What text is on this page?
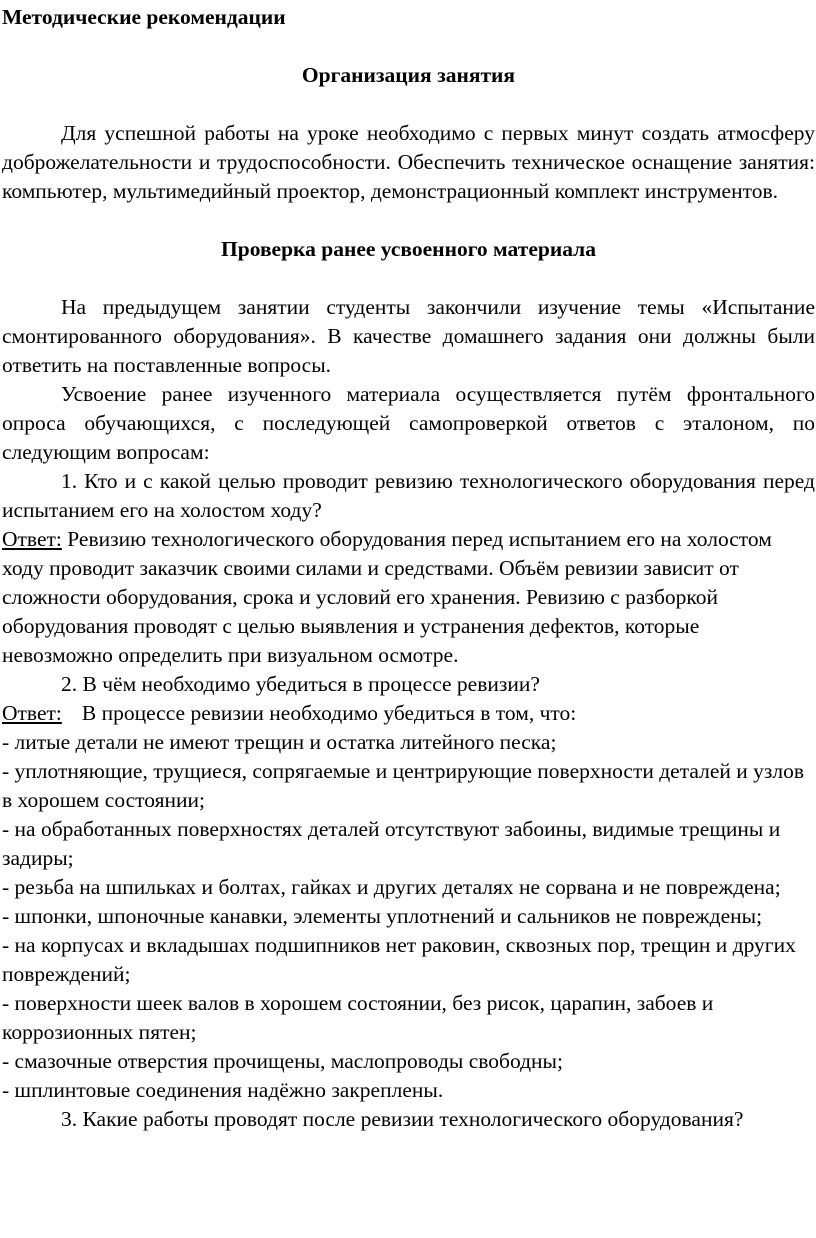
Методические рекомендации

Организация занятия

Для успешной работы на уроке необходимо с первых минут создать атмосферу доброжелательности и трудоспособности. Обеспечить техническое оснащение занятия: компьютер, мультимедийный проектор, демонстрационный комплект инструментов.

Проверка ранее усвоенного материала

На предыдущем занятии студенты закончили изучение темы «Испытание смонтированного оборудования». В качестве домашнего задания они должны были ответить на поставленные вопросы.

Усвоение ранее изученного материала осуществляется путём фронтального опроса обучающихся, с последующей самопроверкой ответов с эталоном, по следующим вопросам:

1. Кто и с какой целью проводит ревизию технологического оборудования перед испытанием его на холостом ходу?

Ответ: Ревизию технологического оборудования перед испытанием его на холостом ходу проводит заказчик своими силами и средствами. Объём ревизии зависит от сложности оборудования, срока и условий его хранения. Ревизию с разборкой оборудования проводят с целью выявления и устранения дефектов, которые невозможно определить при визуальном осмотре.

2. В чём необходимо убедиться в процессе ревизии?

Ответ: В процессе ревизии необходимо убедиться в том, что:

- литые детали не имеют трещин и остатка литейного песка;

- уплотняющие, трущиеся, сопрягаемые и центрирующие поверхности деталей и узлов в хорошем состоянии;

- на обработанных поверхностях деталей отсутствуют забоины, видимые трещины и задиры;

- резьба на шпильках и болтах, гайках и других деталях не сорвана и не повреждена;

- шпонки, шпоночные канавки, элементы уплотнений и сальников не повреждены;

- на корпусах и вкладышах подшипников нет раковин, сквозных пор, трещин и других повреждений;

- поверхности шеек валов в хорошем состоянии, без рисок, царапин, забоев и коррозионных пятен;

- смазочные отверстия прочищены, маслопроводы свободны;

- шплинтовые соединения надёжно закреплены.

3. Какие работы проводят после ревизии технологического оборудования?
